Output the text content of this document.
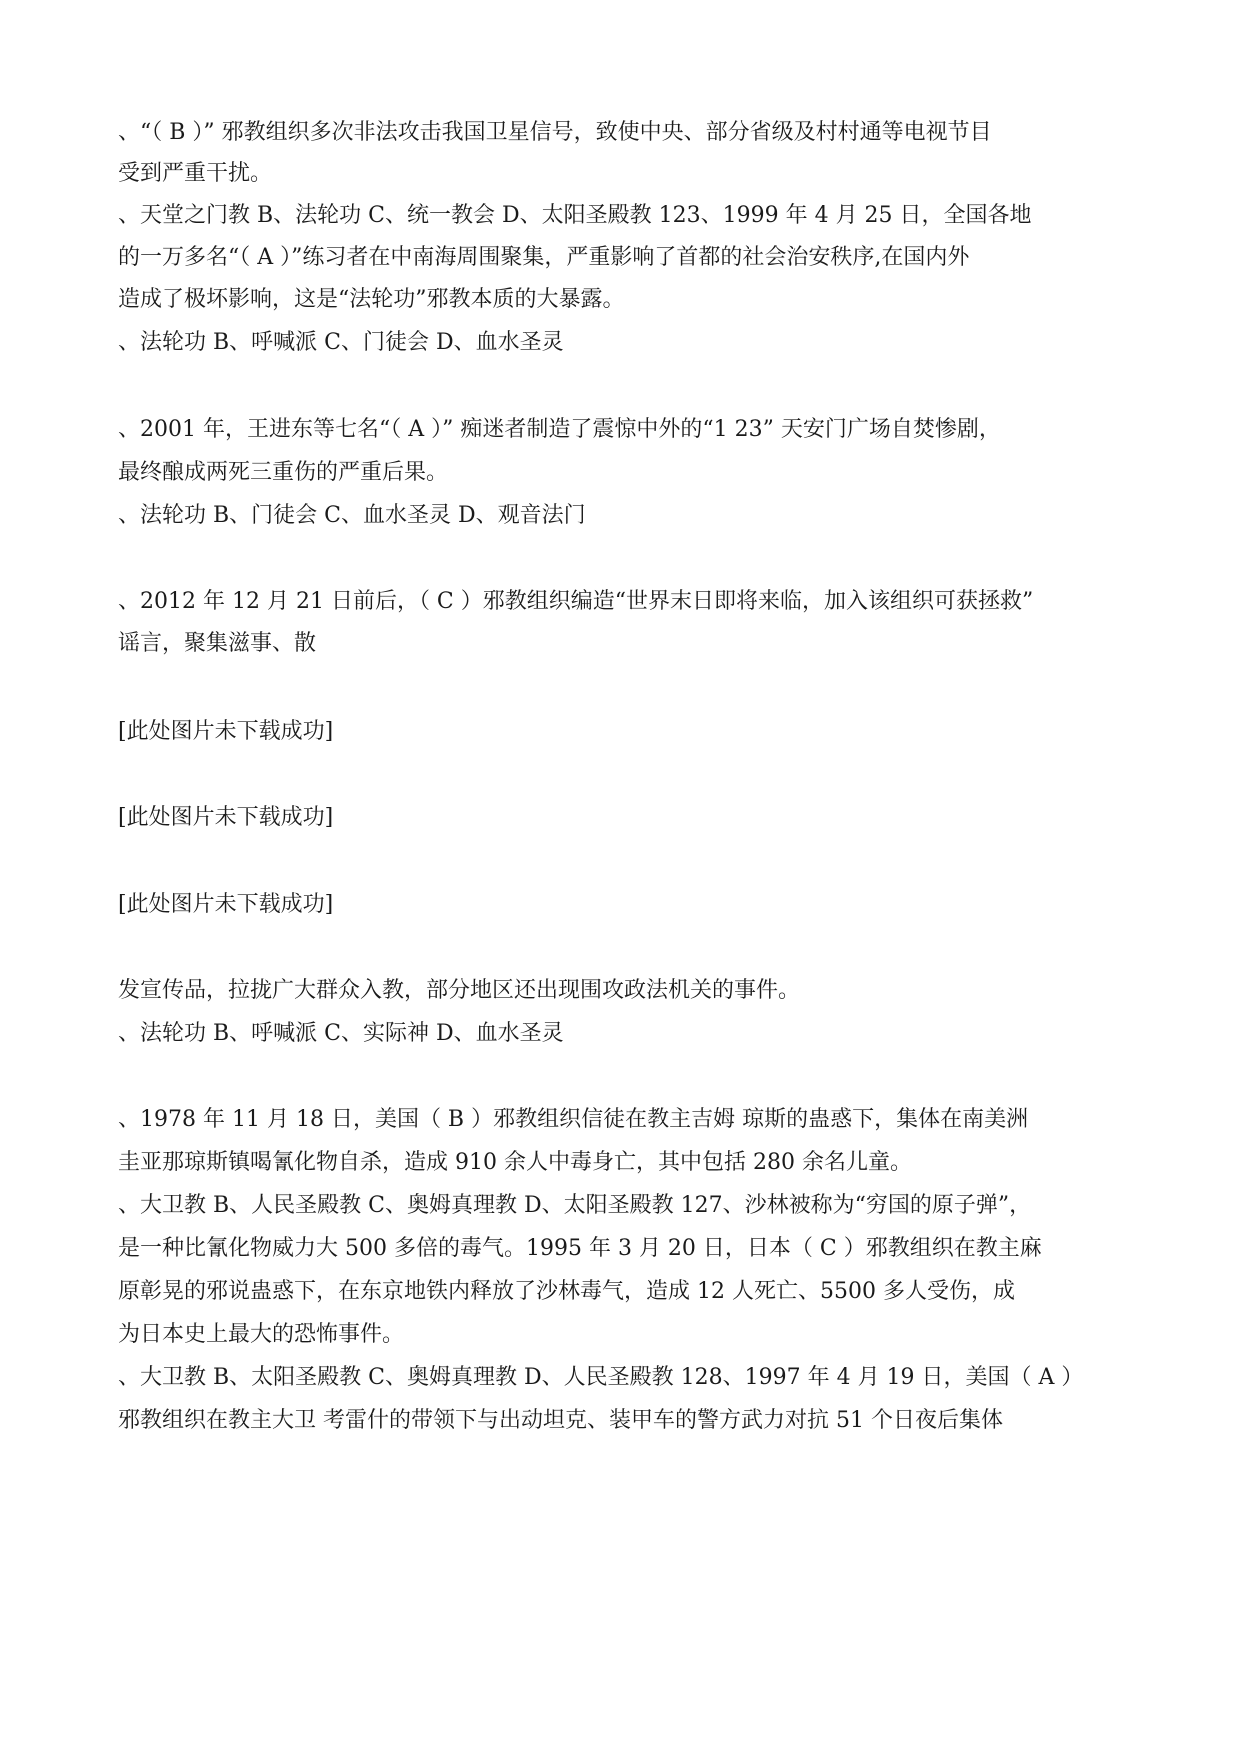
、“（ B ）” 邪教组织多次非法攻击我国卫星信号，致使中央、部分省级及村村通等电视节目
受到严重干扰。
、天堂之门教 B、法轮功 C、统一教会 D、太阳圣殿教 123、1999 年 4 月 25 日，全国各地
的一万多名“（ A ）”练习者在中南海周围聚集，严重影响了首都的社会治安秩序,在国内外
造成了极坏影响，这是“法轮功”邪教本质的大暴露。
、法轮功 B、呼喊派 C、门徒会 D、血水圣灵
、2001 年，王进东等七名“（ A ）” 痴迷者制造了震惊中外的“1 23” 天安门广场自焚惨剧，
最终酿成两死三重伤的严重后果。
、法轮功 B、门徒会 C、血水圣灵 D、观音法门
、2012 年 12 月 21 日前后，（ C ）邪教组织编造“世界末日即将来临，加入该组织可获拯救”
谣言，聚集滋事、散
[此处图片未下载成功]
[此处图片未下载成功]
[此处图片未下载成功]
发宣传品，拉拢广大群众入教，部分地区还出现围攻政法机关的事件。
、法轮功 B、呼喊派 C、实际神 D、血水圣灵
、1978 年 11 月 18 日，美国（ B ）邪教组织信徒在教主吉姆 琼斯的蛊惑下，集体在南美洲
圭亚那琼斯镇喝氰化物自杀，造成 910 余人中毒身亡，其中包括 280 余名儿童。
、大卫教 B、人民圣殿教 C、奥姆真理教 D、太阳圣殿教 127、沙林被称为“穷国的原子弹”，
是一种比氰化物威力大 500 多倍的毒气。1995 年 3 月 20 日，日本（ C ）邪教组织在教主麻
原彰晃的邪说蛊惑下，在东京地铁内释放了沙林毒气，造成 12 人死亡、5500 多人受伤，成
为日本史上最大的恐怖事件。
、大卫教 B、太阳圣殿教 C、奥姆真理教 D、人民圣殿教 128、1997 年 4 月 19 日，美国（ A ）
邪教组织在教主大卫 考雷什的带领下与出动坦克、装甲车的警方武力对抗 51 个日夜后集体
